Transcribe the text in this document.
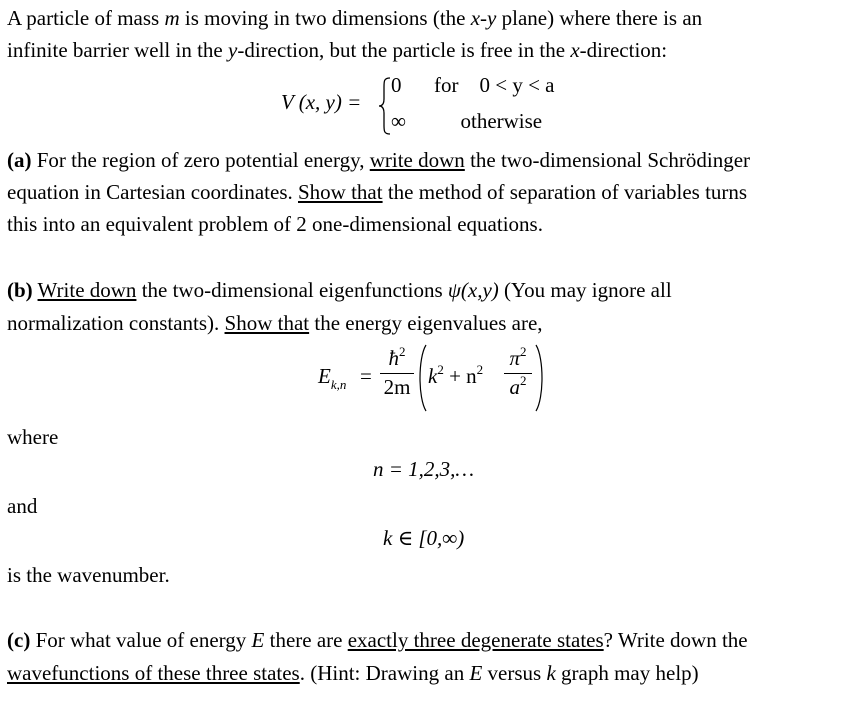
A particle of mass m is moving in two dimensions (the x-y plane) where there is an
infinite barrier well in the y-direction, but the particle is free in the x-direction:
V (x, y) =
0 for    0 < y < a
∞	otherwise
(a) For the region of zero potential energy, write down the two-dimensional Schrödinger
equation in Cartesian coordinates. Show that the method of separation of variables turns
this into an equivalent problem of 2 one-dimensional equations.
(b) Write down the two-dimensional eigenfunctions ψ(x,y) (You may ignore all
normalization constants). Show that the energy eigenvalues are,
$E_{k,n}$ =
$ħ^2$
2m $k^2 + n^2$ $\pi^2$
$a^2$
where
n = 1,2,3,…
and
k ∈ [0,∞)
is the wavenumber.
(c) For what value of energy E there are exactly three degenerate states? Write down the
wavefunctions of these three states. (Hint: Drawing an E versus k graph may help)
